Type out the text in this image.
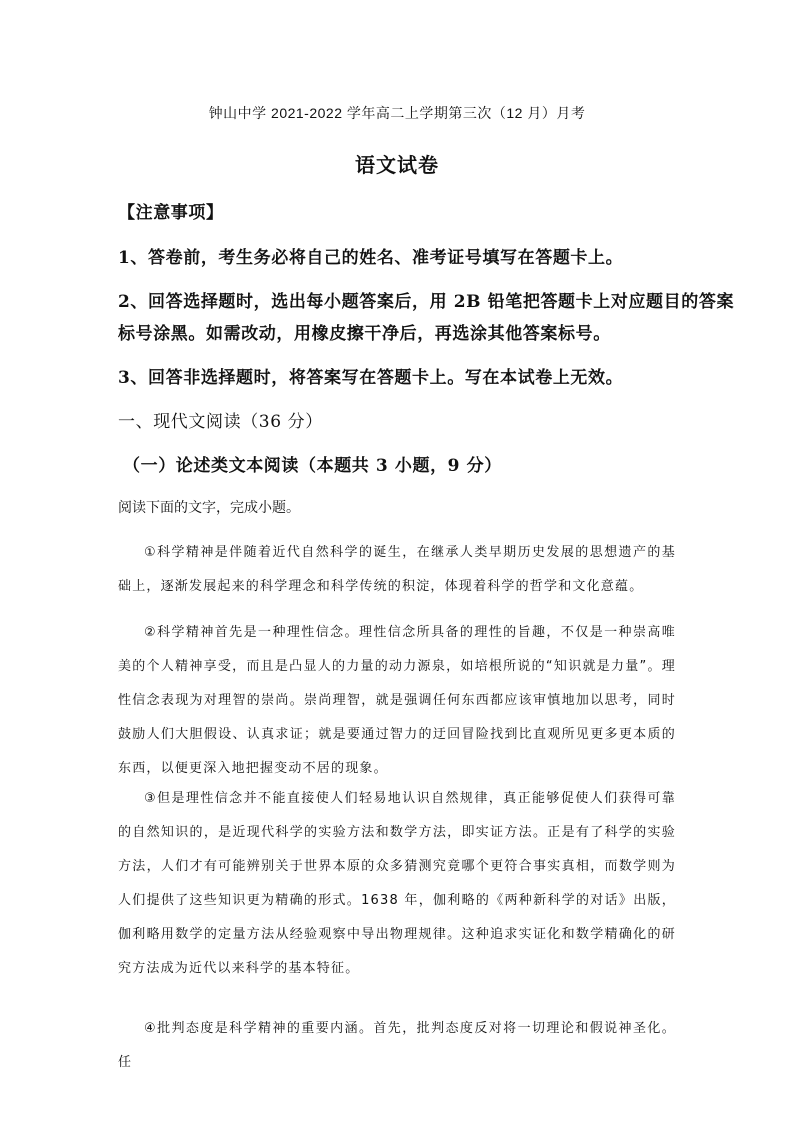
钟山中学 2021-2022 学年高二上学期第三次（12 月）月考
语文试卷
【注意事项】
1、答卷前，考生务必将自己的姓名、准考证号填写在答题卡上。
2、回答选择题时，选出每小题答案后，用 2B 铅笔把答题卡上对应题目的答案
标号涂黑。如需改动，用橡皮擦干净后，再选涂其他答案标号。
3、回答非选择题时，将答案写在答题卡上。写在本试卷上无效。
一、现代文阅读（36 分）
（一）论述类文本阅读（本题共 3 小题，9 分）
阅读下面的文字，完成小题。

①科学精神是伴随着近代自然科学的诞生，在继承人类早期历史发展的思想遗产的基础上，逐渐发展起来的科学理念和科学传统的积淀，体现着科学的哲学和文化意蕴。

②科学精神首先是一种理性信念。理性信念所具备的理性的旨趣，不仅是一种崇高唯美的个人精神享受，而且是凸显人的力量的动力源泉，如培根所说的“知识就是力量”。理性信念表现为对理智的崇尚。崇尚理智，就是强调任何东西都应该审慎地加以思考，同时鼓励人们大胆假设、认真求证；就是要通过智力的迂回冒险找到比直观所见更多更本质的东西，以便更深入地把握变动不居的现象。

③但是理性信念并不能直接使人们轻易地认识自然规律，真正能够促使人们获得可靠的自然知识的，是近现代科学的实验方法和数学方法，即实证方法。正是有了科学的实验方法，人们才有可能辨别关于世界本原的众多猜测究竟哪个更符合事实真相，而数学则为人们提供了这些知识更为精确的形式。1638 年，伽利略的《两种新科学的对话》出版，伽利略用数学的定量方法从经验观察中导出物理规律。这种追求实证化和数学精确化的研究方法成为近代以来科学的基本特征。

④批判态度是科学精神的重要内涵。首先，批判态度反对将一切理论和假说神圣化。任
